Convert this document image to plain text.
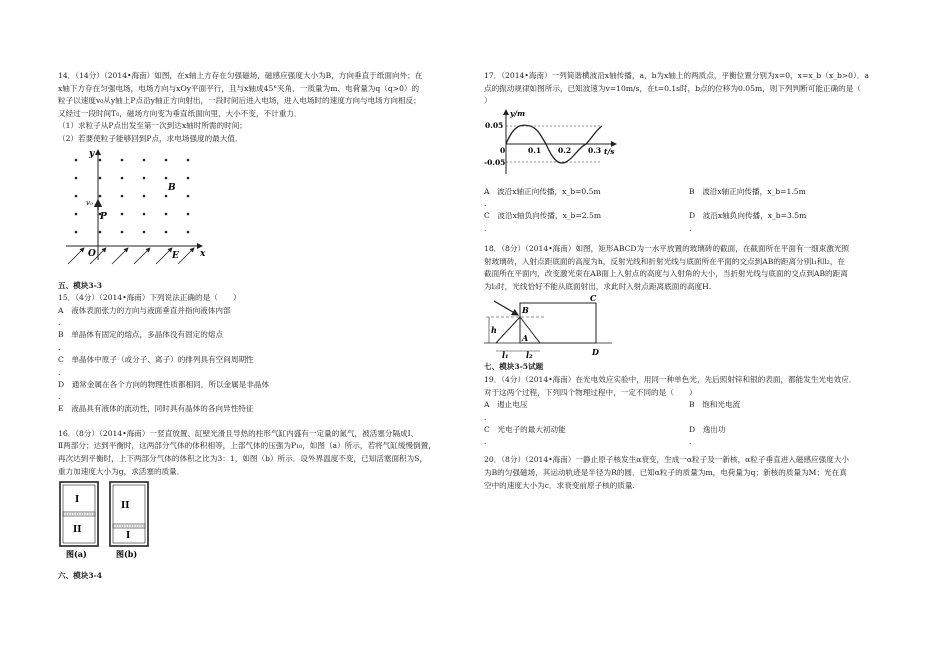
14．（14分）（2014•海南）如图，在x轴上方存在匀强磁场，磁感应强度大小为B，方向垂直于纸面向外；在

x轴下方存在匀强电场，电场方向与xOy平面平行，且与x轴成45°夹角．一质量为m、电荷量为q（q>0）的

粒子以速度v₀从y轴上P点沿y轴正方向射出，一段时间后进入电场，进入电场时的速度方向与电场方向相反；

又经过一段时间T₀，磁场方向变为垂直纸面向里，大小不变，不计重力．

（1）求粒子从P点出发至第一次到达x轴时所需的时间；

（2）若要使粒子能够回到P点，求电场强度的最大值．

y
x
B
v₀
P
O	E

五、模块3-3

15．（4分）（2014•海南）下列说法正确的是（　　）

A　 液体表面张力的方向与液面垂直并指向液体内部

.

B　 单晶体有固定的熔点，多晶体没有固定的熔点

.

C　 单晶体中原子（或分子、离子）的排列具有空间周期性

.

D　 通常金属在各个方向的物理性质都相同，所以金属是非晶体

.

E　 液晶具有液体的流动性，同时具有晶体的各向异性特征

16．（8分）（2014•海南）一竖直放置、缸壁光滑且导热的柱形气缸内盛有一定量的氮气，被活塞分隔成Ⅰ、

Ⅱ两部分；达到平衡时，这两部分气体的体积相等，上部气体的压强为P₁₀，如图（a）所示，若将气缸缓慢倒置，

再次达到平衡时，上下两部分气体的体积之比为3：1，如图（b）所示．设外界温度不变，已知活塞面积为S，

重力加速度大小为g，求活塞的质量．

I
II
II
I
图(a)	图(b)

六、模块3-4

17．（2014•海南）一列简谐横波沿x轴传播，a、b为x轴上的两质点，平衡位置分别为x=0，x=x_b（x_b>0）．a

点的振动规律如图所示，已知波速为v=10m/s，在t=0.1s时，b点的位移为0.05m，则下列判断可能正确的是（

）

y/m
t/s
0.05
-0.05
0	0.1 0.2 0.3

A　 波沿x轴正向传播，x_b=0.5m	B　 波沿x轴正向传播，x_b=1.5m

.

C　 波沿x轴负向传播，x_b=2.5m	D　 波沿x轴负向传播，x_b=3.5m

.	.

18．（8分）（2014•海南）如图，矩形ABCD为一水平放置的玻璃砖的截面，在截面所在平面有一细束激光照

射玻璃砖，入射点距底面的高度为h，反射光线和折射光线与底面所在平面的交点到AB的距离分别l₁和l₂，在

截面所在平面内，改变激光束在AB面上入射点的高度与入射角的大小，当折射光线与底面的交点到AB的距离

为l₃时，光线恰好不能从底面射出，求此时入射点距离底面的高度H.

B
A
C
D
h
l₁ l₂

七、模块3-5试题

19．（4分）（2014•海南）在光电效应实验中，用同一种单色光，先后照射锌和银的表面，都能发生光电效应．

对于这两个过程，下列四个物理过程中，一定不同的是（　　）

A　 遏止电压	B　 饱和光电流

.

C　 光电子的最大初动能	D　 逸出功

.	.

20．（8分）（2014•海南）一静止原子核发生α衰变，生成一α粒子及一新核，α粒子垂直进入磁感应强度大小

为B的匀强磁场，其运动轨迹是半径为R的圆．已知α粒子的质量为m，电荷量为q；新核的质量为M；光在真

空中的速度大小为c．求衰变前原子核的质量.
